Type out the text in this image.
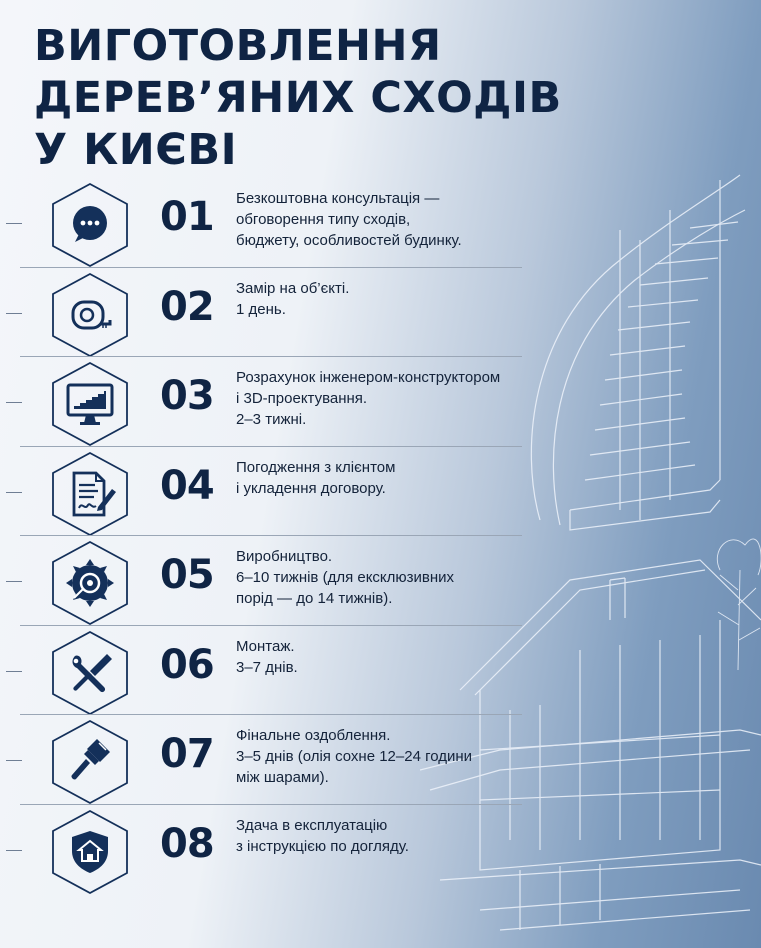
ВИГОТОВЛЕННЯ
ДЕРЕВ’ЯНИХ СХОДІВ
У КИЄВІ
01 Безкоштовна консультація —
обговорення типу сходів,
бюджету, особливостей будинку.

02 Замір на об’єкті.
1 день.

03 Розрахунок інженером-конструктором
і 3D-проектування.
2–3 тижні.

04 Погодження з клієнтом
і укладення договору.

05 Виробництво.
6–10 тижнів (для ексклюзивних
порід — до 14 тижнів).

06 Монтаж.
3–7 днів.

07 Фінальне оздоблення.
3–5 днів (олія сохне 12–24 години
між шарами).

08 Здача в експлуатацію
з інструкцією по догляду.
